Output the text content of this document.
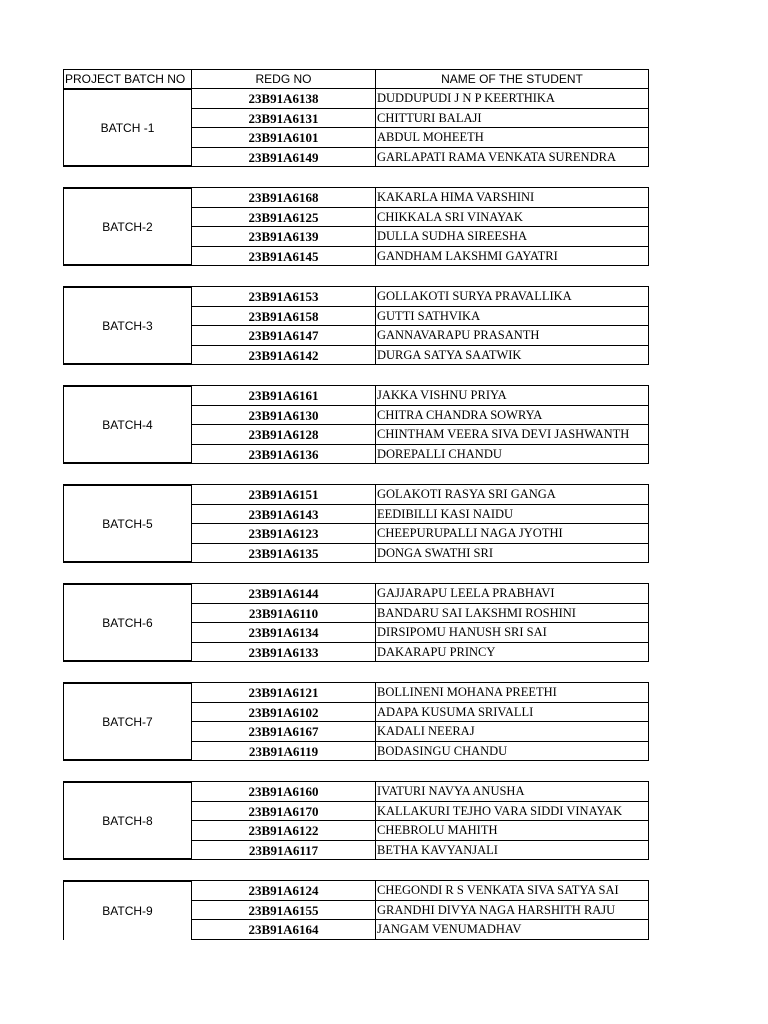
PROJECT BATCH NO	REDG NO	NAME OF THE STUDENT
BATCH -1
23B91A6138	DUDDUPUDI J N P KEERTHIKA
23B91A6131	CHITTURI BALAJI
23B91A6101	ABDUL MOHEETH
23B91A6149	GARLAPATI RAMA VENKATA SURENDRA
BATCH-2
23B91A6168	KAKARLA HIMA VARSHINI
23B91A6125	CHIKKALA SRI VINAYAK
23B91A6139	DULLA SUDHA SIREESHA
23B91A6145	GANDHAM LAKSHMI GAYATRI
BATCH-3
23B91A6153	GOLLAKOTI SURYA PRAVALLIKA
23B91A6158	GUTTI SATHVIKA
23B91A6147	GANNAVARAPU PRASANTH
23B91A6142	DURGA SATYA SAATWIK
BATCH-4
23B91A6161	JAKKA VISHNU PRIYA
23B91A6130	CHITRA CHANDRA SOWRYA
23B91A6128	CHINTHAM VEERA SIVA DEVI JASHWANTH
23B91A6136	DOREPALLI CHANDU
BATCH-5
23B91A6151	GOLAKOTI RASYA SRI GANGA
23B91A6143	EEDIBILLI KASI NAIDU
23B91A6123	CHEEPURUPALLI NAGA JYOTHI
23B91A6135	DONGA SWATHI SRI
BATCH-6
23B91A6144	GAJJARAPU LEELA PRABHAVI
23B91A6110	BANDARU SAI LAKSHMI ROSHINI
23B91A6134	DIRSIPOMU HANUSH SRI SAI
23B91A6133	DAKARAPU PRINCY
BATCH-7
23B91A6121	BOLLINENI MOHANA PREETHI
23B91A6102	ADAPA KUSUMA SRIVALLI
23B91A6167	KADALI NEERAJ
23B91A6119	BODASINGU CHANDU
BATCH-8
23B91A6160	IVATURI NAVYA ANUSHA
23B91A6170	KALLAKURI TEJHO VARA SIDDI VINAYAK
23B91A6122	CHEBROLU MAHITH
23B91A6117	BETHA KAVYANJALI
BATCH-9
23B91A6124	CHEGONDI R S VENKATA SIVA SATYA SAI
23B91A6155	GRANDHI DIVYA NAGA HARSHITH RAJU
23B91A6164	JANGAM VENUMADHAV
